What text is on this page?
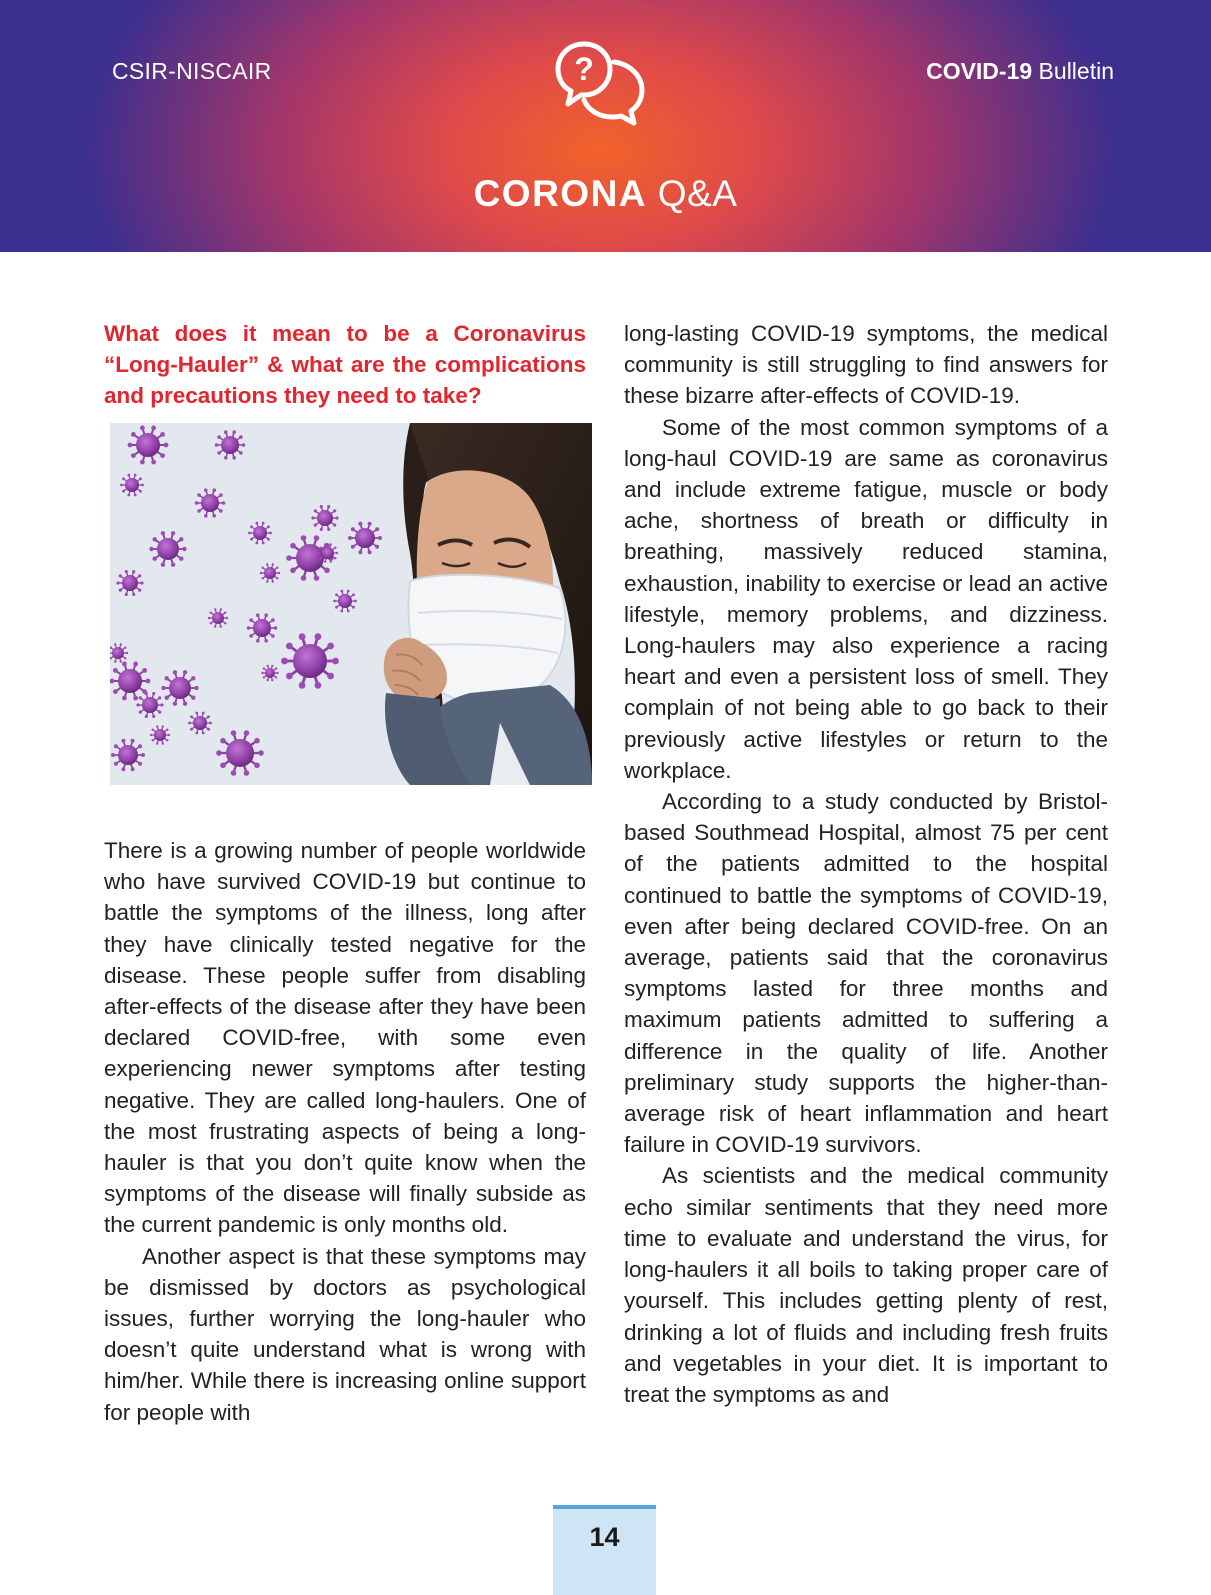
CSIR-NISCAIR	?	COVID-19 Bulletin
CORONA Q&A

What does it mean to be a Coronavirus “Long-Hauler” & what are the complications and precautions they need to take?

There is a growing number of people worldwide who have survived COVID-19 but continue to battle the symptoms of the illness, long after they have clinically tested negative for the disease. These people suffer from disabling after-effects of the disease after they have been declared COVID-free, with some even experiencing newer symptoms after testing negative. They are called long-haulers. One of the most frustrating aspects of being a long-hauler is that you don’t quite know when the symptoms of the disease will finally subside as the current pandemic is only months old.

Another aspect is that these symptoms may be dismissed by doctors as psychological issues, further worrying the long-hauler who doesn’t quite understand what is wrong with him/her. While there is increasing online support for people with

long-lasting COVID-19 symptoms, the medical community is still struggling to find answers for these bizarre after-effects of COVID-19.

Some of the most common symptoms of a long-haul COVID-19 are same as coronavirus and include extreme fatigue, muscle or body ache, shortness of breath or difficulty in breathing, massively reduced stamina, exhaustion, inability to exercise or lead an active lifestyle, memory problems, and dizziness. Long-haulers may also experience a racing heart and even a persistent loss of smell. They complain of not being able to go back to their previously active lifestyles or return to the workplace.

According to a study conducted by Bristol-based Southmead Hospital, almost 75 per cent of the patients admitted to the hospital continued to battle the symptoms of COVID-19, even after being declared COVID-free. On an average, patients said that the coronavirus symptoms lasted for three months and maximum patients admitted to suffering a difference in the quality of life. Another preliminary study supports the higher-than-average risk of heart inflammation and heart failure in COVID-19 survivors.

As scientists and the medical community echo similar sentiments that they need more time to evaluate and understand the virus, for long-haulers it all boils to taking proper care of yourself. This includes getting plenty of rest, drinking a lot of fluids and including fresh fruits and vegetables in your diet. It is important to treat the symptoms as and

14
